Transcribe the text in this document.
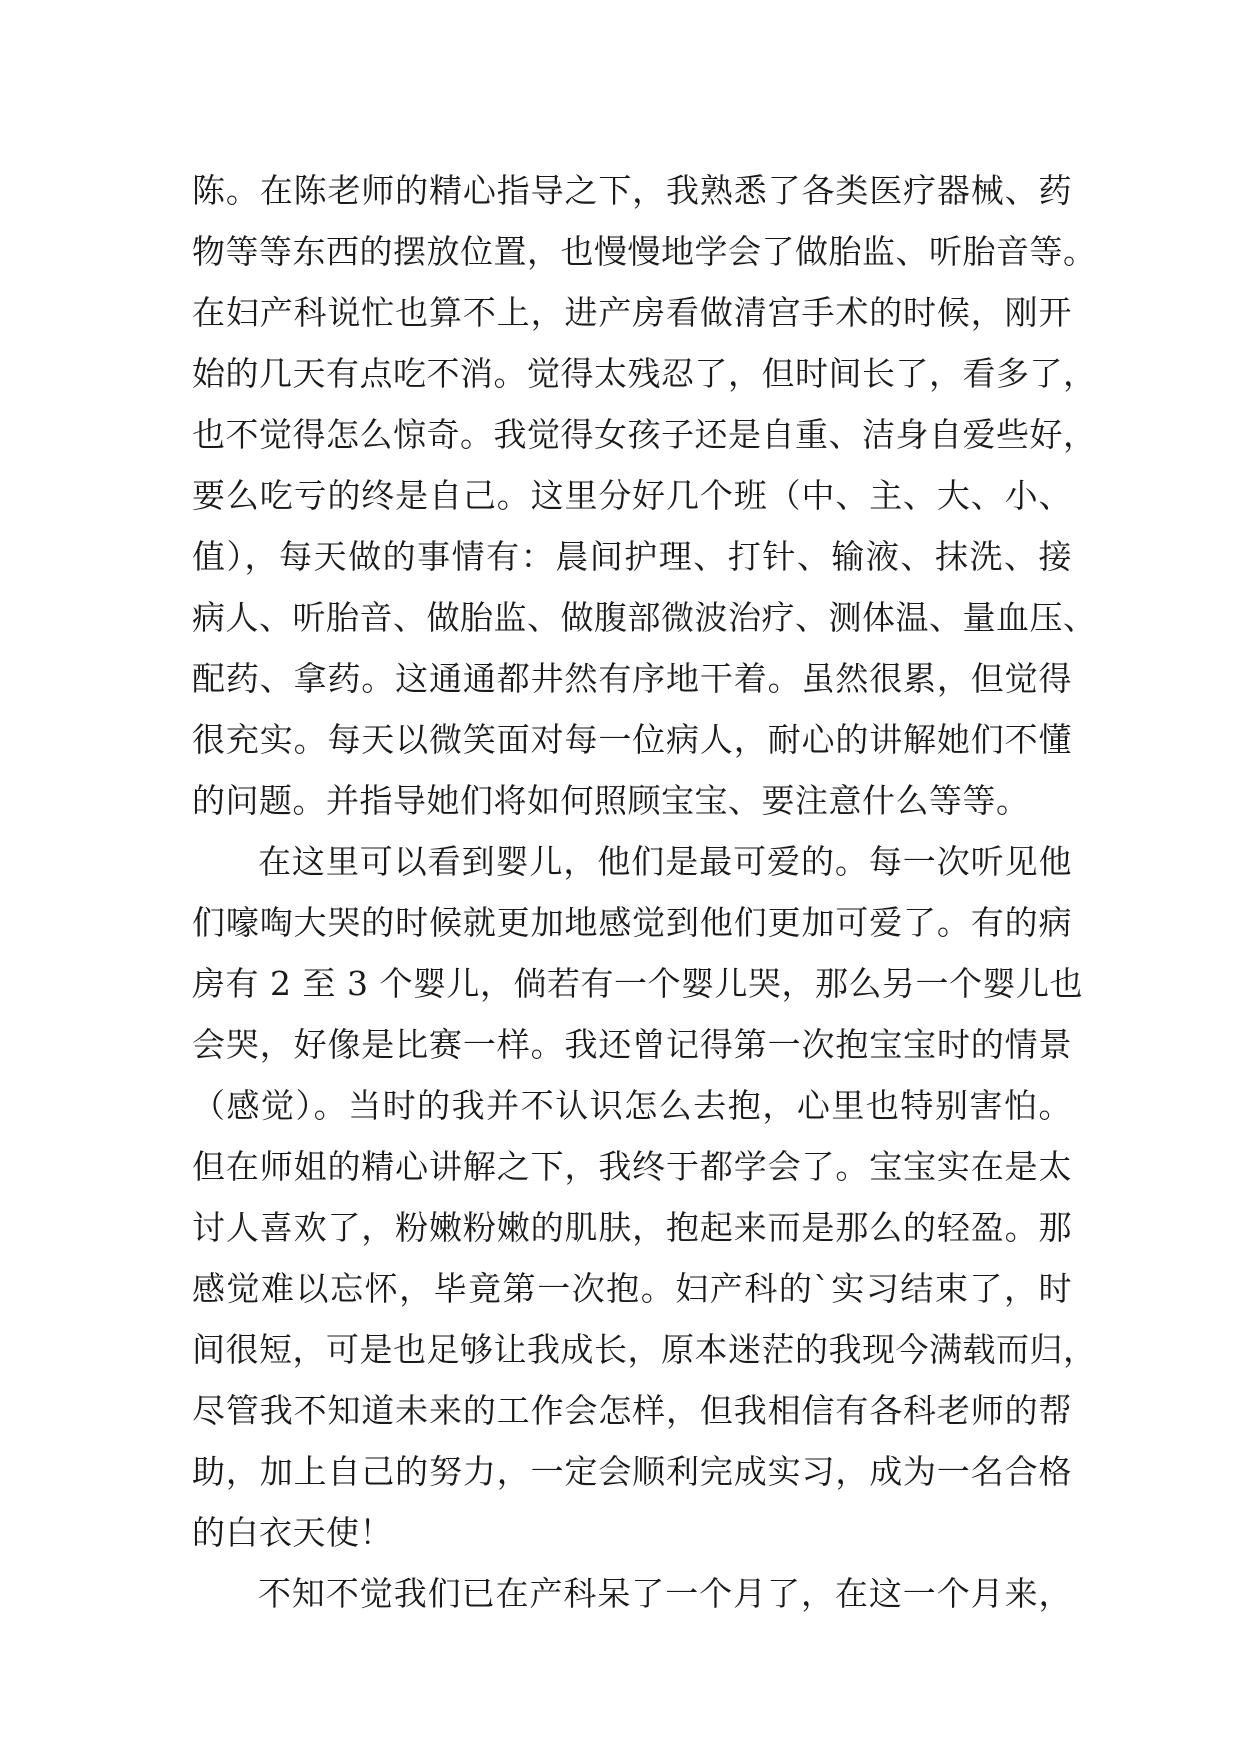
陈。在陈老师的精心指导之下，我熟悉了各类医疗器械、药
物等等东西的摆放位置，也慢慢地学会了做胎监、听胎音等。
在妇产科说忙也算不上，进产房看做清宫手术的时候，刚开
始的几天有点吃不消。觉得太残忍了，但时间长了，看多了，
也不觉得怎么惊奇。我觉得女孩子还是自重、洁身自爱些好，
要么吃亏的终是自己。这里分好几个班（中、主、大、小、
值），每天做的事情有：晨间护理、打针、输液、抹洗、接
病人、听胎音、做胎监、做腹部微波治疗、测体温、量血压、
配药、拿药。这通通都井然有序地干着。虽然很累，但觉得
很充实。每天以微笑面对每一位病人，耐心的讲解她们不懂
的问题。并指导她们将如何照顾宝宝、要注意什么等等。
在这里可以看到婴儿，他们是最可爱的。每一次听见他
们嚎啕大哭的时候就更加地感觉到他们更加可爱了。有的病
房有 2 至 3 个婴儿，倘若有一个婴儿哭，那么另一个婴儿也
会哭，好像是比赛一样。我还曾记得第一次抱宝宝时的情景
（感觉）。当时的我并不认识怎么去抱，心里也特别害怕。
但在师姐的精心讲解之下，我终于都学会了。宝宝实在是太
讨人喜欢了，粉嫩粉嫩的肌肤，抱起来而是那么的轻盈。那
感觉难以忘怀，毕竟第一次抱。妇产科的`实习结束了，时
间很短，可是也足够让我成长，原本迷茫的我现今满载而归，
尽管我不知道未来的工作会怎样，但我相信有各科老师的帮
助，加上自己的努力，一定会顺利完成实习，成为一名合格
的白衣天使！
不知不觉我们已在产科呆了一个月了，在这一个月来，
